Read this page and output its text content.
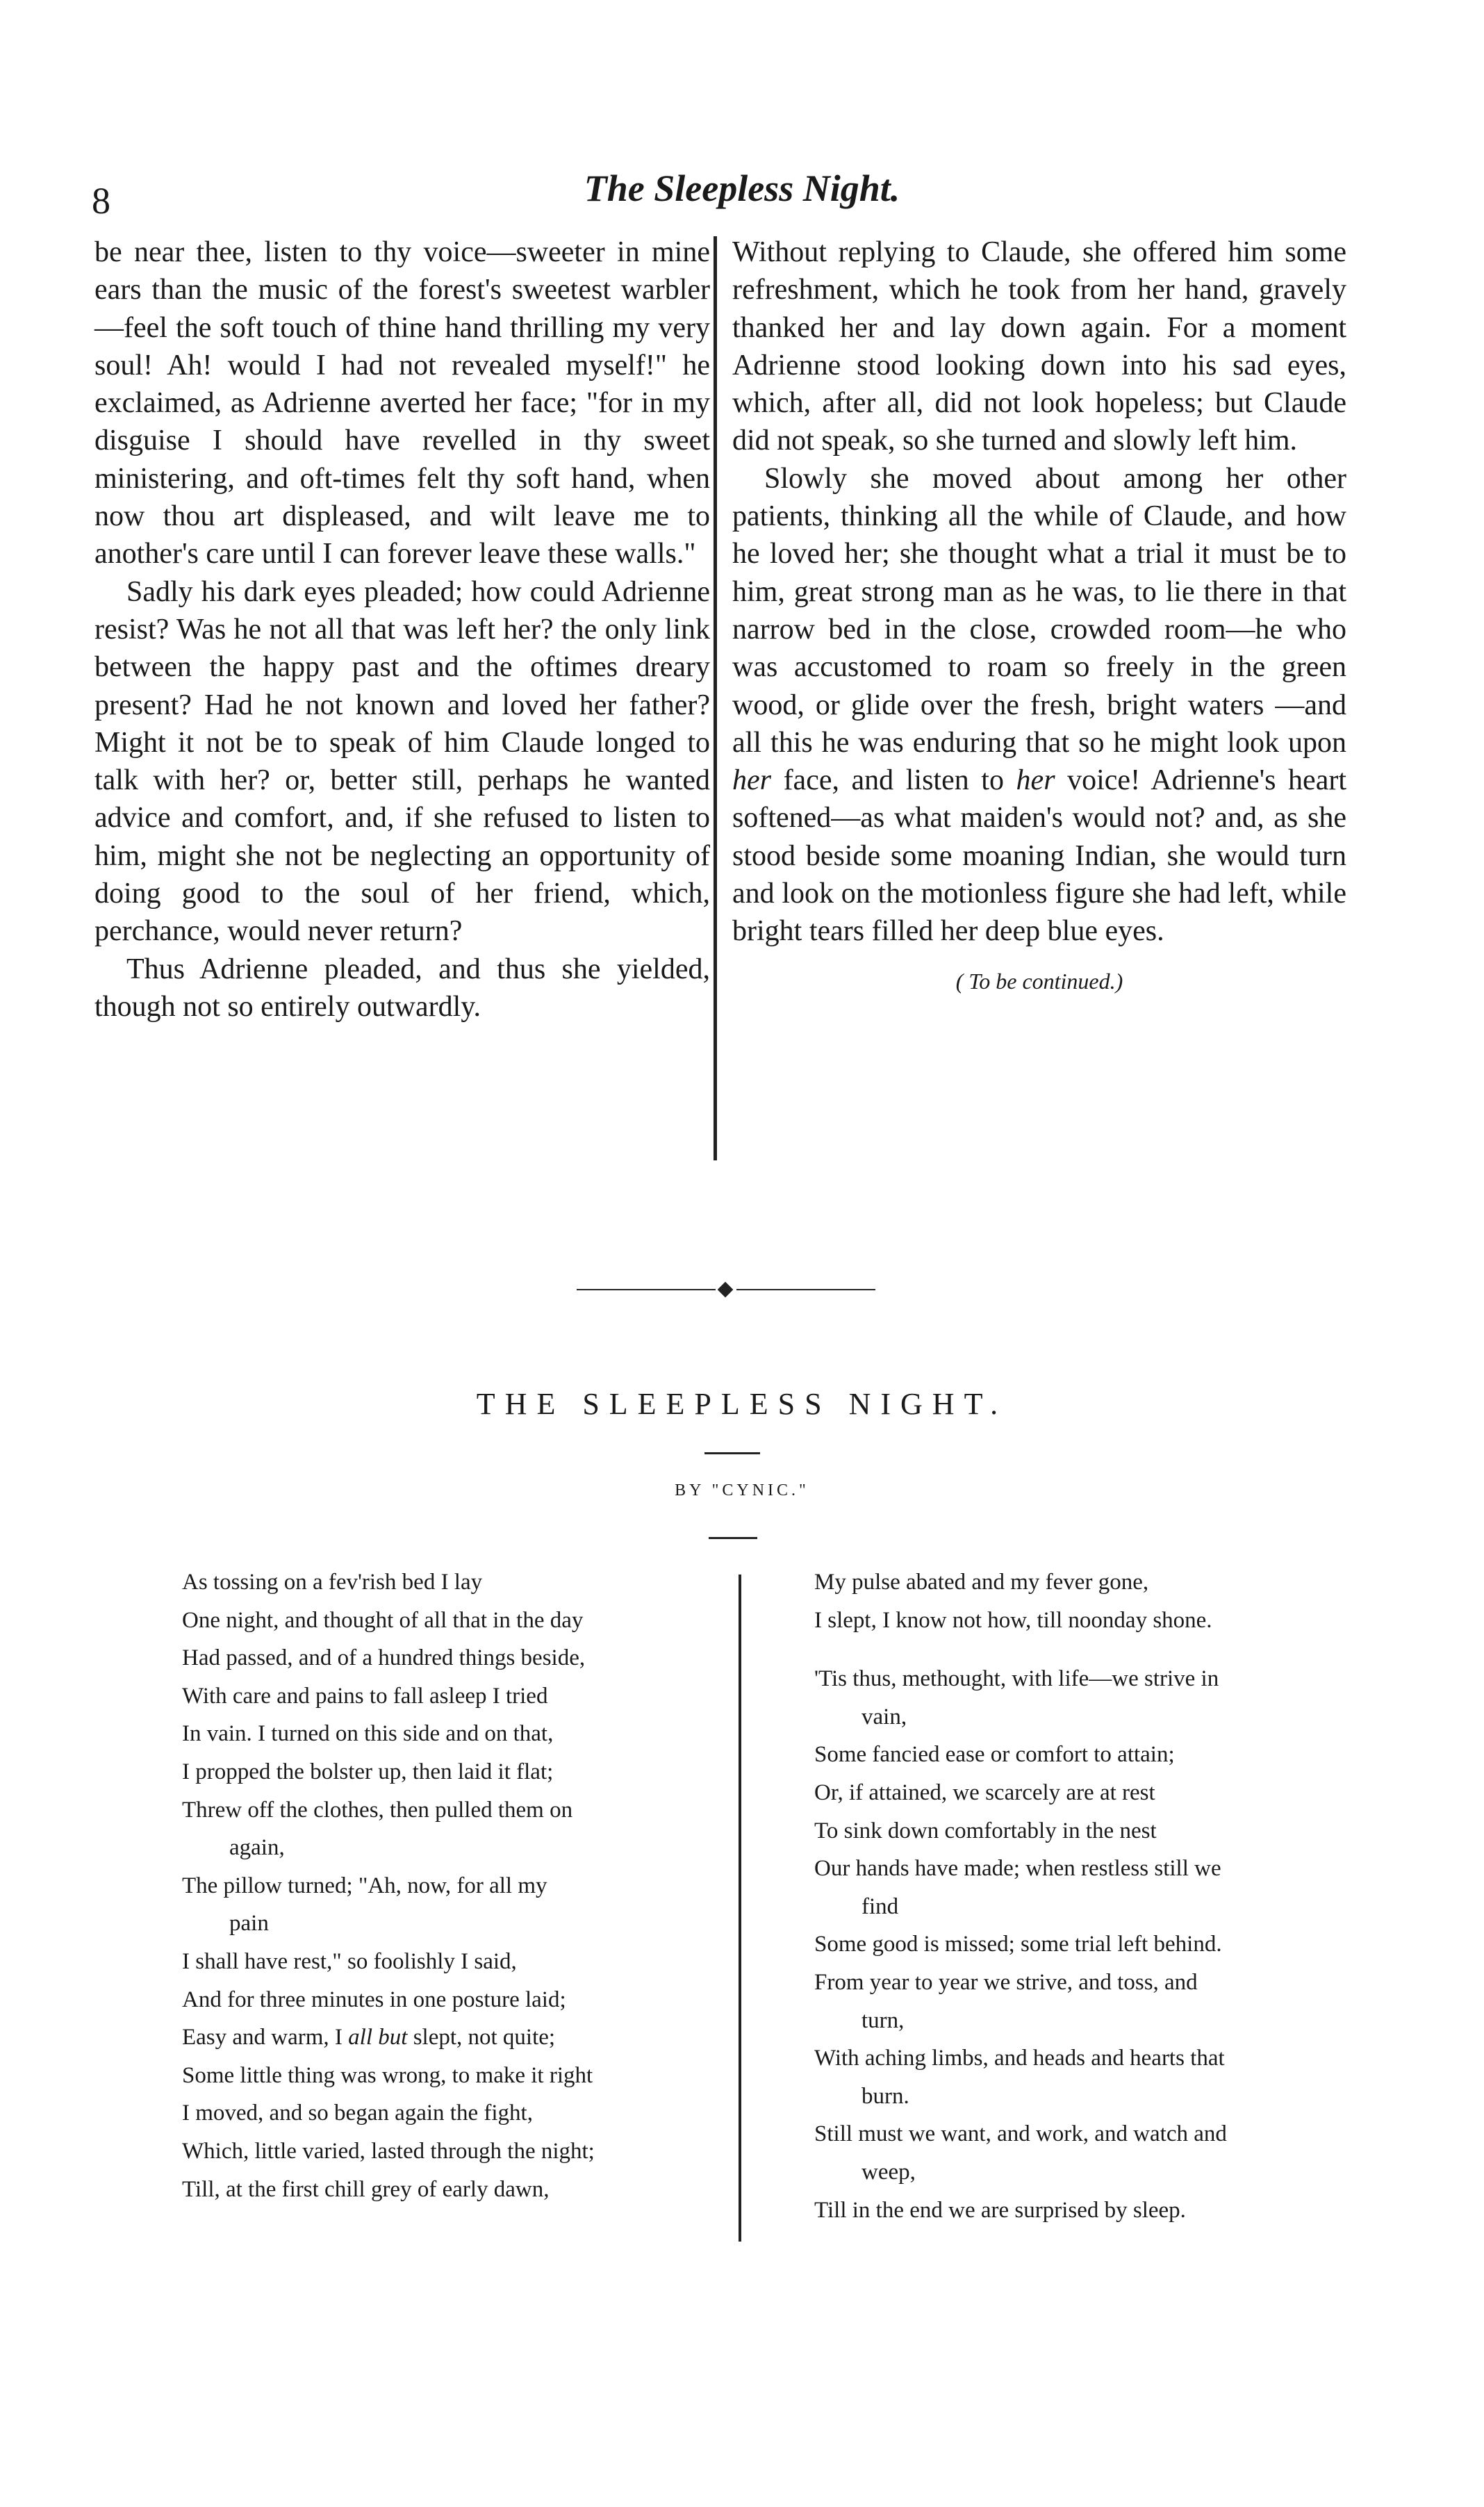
8	The Sleepless Night.

be near thee, listen to thy voice—sweeter in mine ears than the music of the forest's sweetest warbler—feel the soft touch of thine hand thrilling my very soul! Ah! would I had not revealed myself!" he exclaimed, as Adrienne averted her face; "for in my disguise I should have revelled in thy sweet ministering, and oft-times felt thy soft hand, when now thou art displeased, and wilt leave me to another's care until I can forever leave these walls."

Sadly his dark eyes pleaded; how could Adrienne resist? Was he not all that was left her? the only link between the happy past and the oftimes dreary present? Had he not known and loved her father? Might it not be to speak of him Claude longed to talk with her? or, better still, perhaps he wanted advice and comfort, and, if she refused to listen to him, might she not be neglecting an opportunity of doing good to the soul of her friend, which, perchance, would never return?

Thus Adrienne pleaded, and thus she yielded, though not so entirely outwardly.

Without replying to Claude, she offered him some refreshment, which he took from her hand, gravely thanked her and lay down again. For a moment Adrienne stood looking down into his sad eyes, which, after all, did not look hopeless; but Claude did not speak, so she turned and slowly left him.

Slowly she moved about among her other patients, thinking all the while of Claude, and how he loved her; she thought what a trial it must be to him, great strong man as he was, to lie there in that narrow bed in the close, crowded room—he who was accustomed to roam so freely in the green wood, or glide over the fresh, bright waters —and all this he was enduring that so he might look upon her face, and listen to her voice! Adrienne's heart softened—as what maiden's would not? and, as she stood beside some moaning Indian, she would turn and look on the motionless figure she had left, while bright tears filled her deep blue eyes.

( To be continued.)
THE SLEEPLESS NIGHT.
BY "CYNIC."
As tossing on a fev'rish bed I lay
One night, and thought of all that in the day
Had passed, and of a hundred things beside,
With care and pains to fall asleep I tried
In vain. I turned on this side and on that,
I propped the bolster up, then laid it flat;
Threw off the clothes, then pulled them on
again,
The pillow turned; "Ah, now, for all my
pain
I shall have rest," so foolishly I said,
And for three minutes in one posture laid;
Easy and warm, I all but slept, not quite;
Some little thing was wrong, to make it right
I moved, and so began again the fight,
Which, little varied, lasted through the night;
Till, at the first chill grey of early dawn,
My pulse abated and my fever gone,
I slept, I know not how, till noonday shone.
'Tis thus, methought, with life—we strive in
vain,
Some fancied ease or comfort to attain;
Or, if attained, we scarcely are at rest
To sink down comfortably in the nest
Our hands have made; when restless still we
find
Some good is missed; some trial left behind.
From year to year we strive, and toss, and
turn,
With aching limbs, and heads and hearts that
burn.
Still must we want, and work, and watch and
weep,
Till in the end we are surprised by sleep.
